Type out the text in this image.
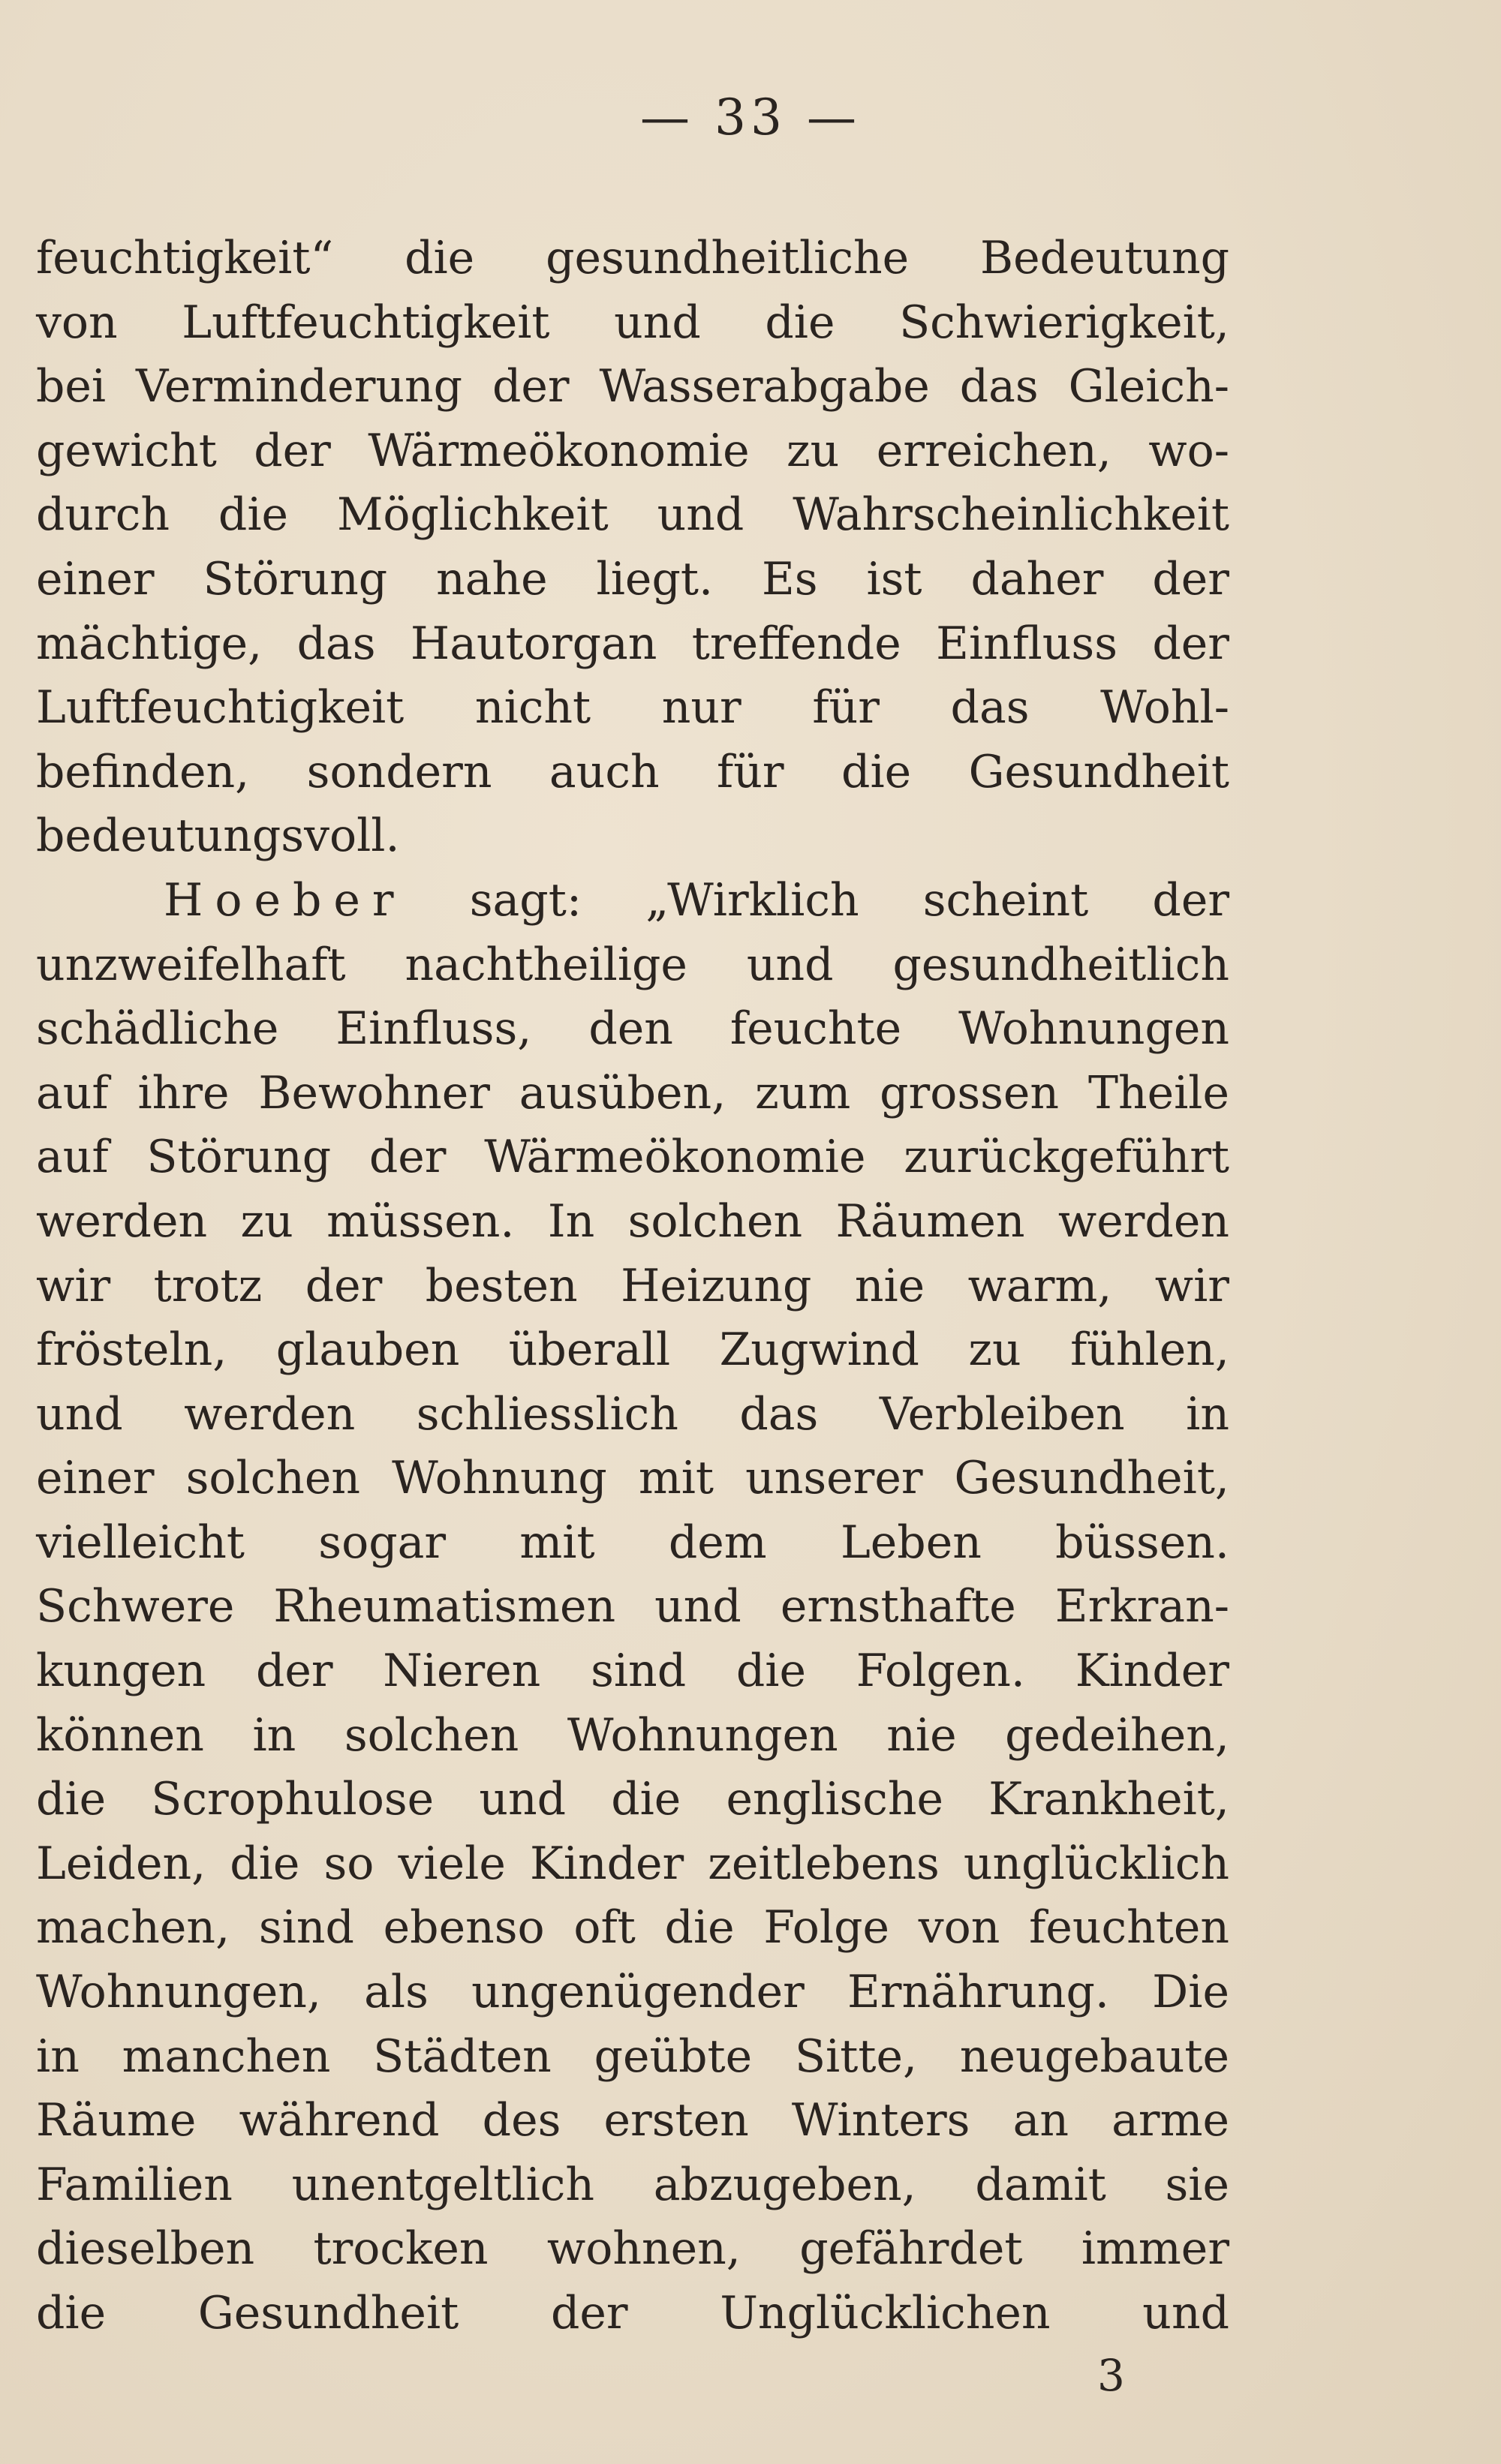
— 33 —
feuchtigkeit“ die gesundheitliche Bedeutung
von Luftfeuchtigkeit und die Schwierigkeit,
bei Verminderung der Wasserabgabe das Gleich-
gewicht der Wärmeökonomie zu erreichen, wo-
durch die Möglichkeit und Wahrscheinlichkeit
einer Störung nahe liegt. Es ist daher der
mächtige, das Hautorgan treffende Einfluss der
Luftfeuchtigkeit nicht nur für das Wohl-
befinden, sondern auch für die Gesundheit
bedeutungsvoll.
Hoeber sagt: „Wirklich scheint der
unzweifelhaft nachtheilige und gesundheitlich
schädliche Einfluss, den feuchte Wohnungen
auf ihre Bewohner ausüben, zum grossen Theile
auf Störung der Wärmeökonomie zurückgeführt
werden zu müssen. In solchen Räumen werden
wir trotz der besten Heizung nie warm, wir
frösteln, glauben überall Zugwind zu fühlen,
und werden schliesslich das Verbleiben in
einer solchen Wohnung mit unserer Gesundheit,
vielleicht sogar mit dem Leben büssen.
Schwere Rheumatismen und ernsthafte Erkran-
kungen der Nieren sind die Folgen. Kinder
können in solchen Wohnungen nie gedeihen,
die Scrophulose und die englische Krankheit,
Leiden, die so viele Kinder zeitlebens unglücklich
machen, sind ebenso oft die Folge von feuchten
Wohnungen, als ungenügender Ernährung. Die
in manchen Städten geübte Sitte, neugebaute
Räume während des ersten Winters an arme
Familien unentgeltlich abzugeben, damit sie
dieselben trocken wohnen, gefährdet immer
die Gesundheit der Unglücklichen und
3
